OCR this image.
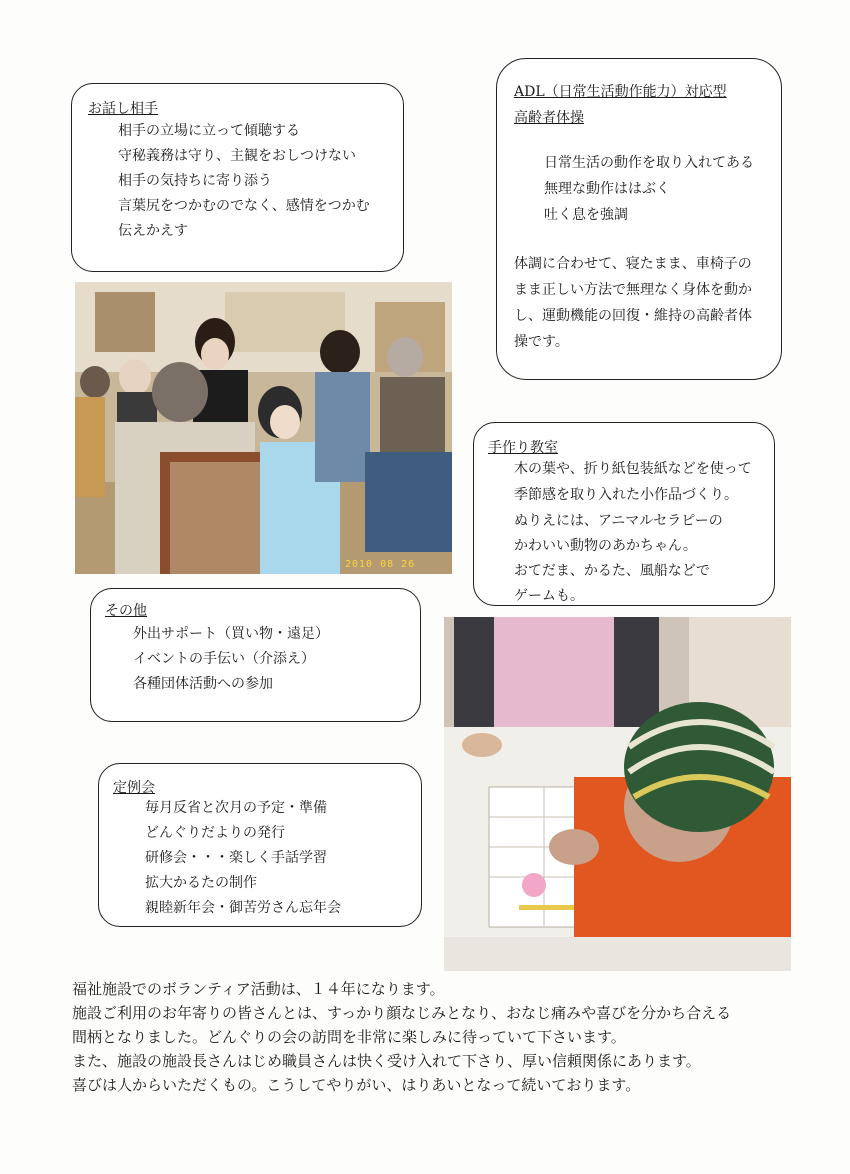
お話し相手
相手の立場に立って傾聴する
守秘義務は守り、主観をおしつけない
相手の気持ちに寄り添う
言葉尻をつかむのでなく、感情をつかむ
伝えかえす
ADL（日常生活動作能力）対応型
高齢者体操
日常生活の動作を取り入れてある
無理な動作ははぶく
吐く息を強調
体調に合わせて、寝たまま、車椅子の
まま正しい方法で無理なく身体を動か
し、運動機能の回復・維持の高齢者体
操です。
2010 08 26
手作り教室
木の葉や、折り紙包装紙などを使って
季節感を取り入れた小作品づくり。
ぬりえには、アニマルセラピーの
かわいい動物のあかちゃん。
おてだま、かるた、風船などで
ゲームも。
その他
外出サポート（買い物・遠足）
イベントの手伝い（介添え）
各種団体活動への参加
定例会
毎月反省と次月の予定・準備
どんぐりだよりの発行
研修会・・・楽しく手話学習
拡大かるたの制作
親睦新年会・御苦労さん忘年会
福祉施設でのボランティア活動は、１４年になります。
施設ご利用のお年寄りの皆さんとは、すっかり顔なじみとなり、おなじ痛みや喜びを分かち合える
間柄となりました。どんぐりの会の訪問を非常に楽しみに待っていて下さいます。
また、施設の施設長さんはじめ職員さんは快く受け入れて下さり、厚い信頼関係にあります。
喜びは人からいただくもの。こうしてやりがい、はりあいとなって続いております。
